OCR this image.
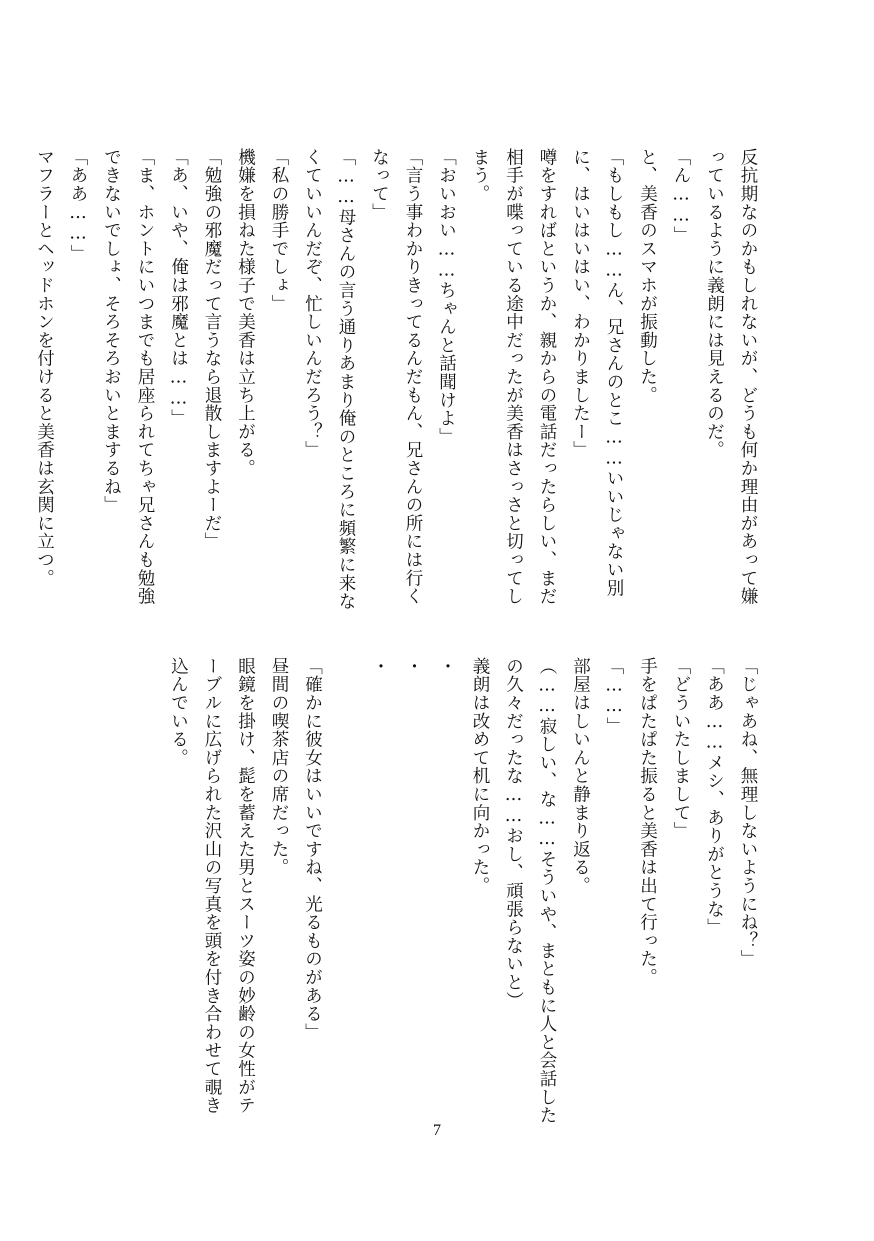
反抗期なのかもしれないが、どうも何か理由があって嫌
っているように義朗には見えるのだ。
「ん……」
と、美香のスマホが振動した。
「もしもし……ん、兄さんのとこ……いいじゃない別
に、はいはいはい、わかりましたー」
噂をすればというか、親からの電話だったらしい、まだ
相手が喋っている途中だったが美香はさっさと切ってし
まう。
「おいおい……ちゃんと話聞けよ」
「言う事わかりきってるんだもん、兄さんの所には行く
なって」
「……母さんの言う通りあまり俺のところに頻繁に来な
くていいんだぞ、忙しいんだろう？」
「私の勝手でしょ」
機嫌を損ねた様子で美香は立ち上がる。
「勉強の邪魔だって言うなら退散しますよーだ」
「あ、いや、俺は邪魔とは……」
「ま、ホントにいつまでも居座られてちゃ兄さんも勉強
できないでしょ、そろそろおいとまするね」
「ああ……」
マフラーとヘッドホンを付けると美香は玄関に立つ。
「じゃあね、無理しないようにね？」
「ああ……メシ、ありがとうな」
「どういたしまして」
手をぱたぱた振ると美香は出て行った。
「……」
部屋はしいんと静まり返る。
（……寂しい、な……そういや、まともに人と会話した
の久々だったな……おし、頑張らないと）
義朗は改めて机に向かった。
・
・
・

「確かに彼女はいいですね、光るものがある」
昼間の喫茶店の席だった。
眼鏡を掛け、髭を蓄えた男とスーツ姿の妙齢の女性がテ
ーブルに広げられた沢山の写真を頭を付き合わせて覗き
込んでいる。
7
